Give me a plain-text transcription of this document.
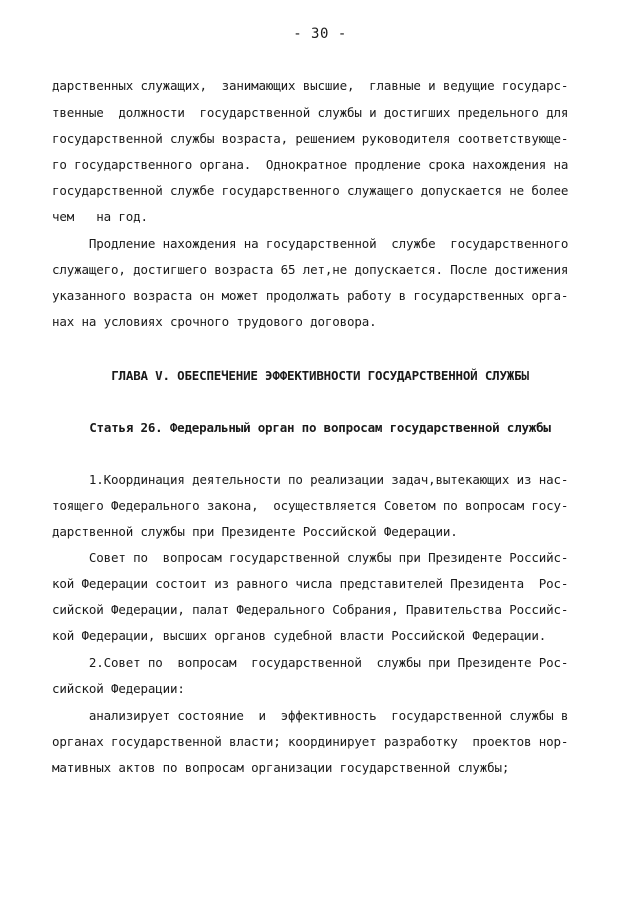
- 30 -
дарственных служащих,  занимающих высшие,  главные и ведущие государс-
твенные  должности  государственной службы и достигших предельного для
государственной службы возраста, решением руководителя соответствующе-
го государственного органа.  Однократное продление срока нахождения на
государственной службе государственного служащего допускается не более
чем   на год.
Продление нахождения на государственной  службе  государственного
служащего, достигшего возраста 65 лет,не допускается. После достижения
указанного возраста он может продолжать работу в государственных орга-
нах на условиях срочного трудового договора.
ГЛАВА V. ОБЕСПЕЧЕНИЕ ЭФФЕКТИВНОСТИ ГОСУДАРСТВЕННОЙ СЛУЖБЫ
Статья 26. Федеральный орган по вопросам государственной службы
1.Координация деятельности по реализации задач,вытекающих из нас-
тоящего Федерального закона,  осуществляется Советом по вопросам госу-
дарственной службы при Президенте Российской Федерации.
Совет по  вопросам государственной службы при Президенте Российс-
кой Федерации состоит из равного числа представителей Президента  Рос-
сийской Федерации, палат Федерального Собрания, Правительства Российс-
кой Федерации, высших органов судебной власти Российской Федерации.
2.Совет по  вопросам  государственной  службы при Президенте Рос-
сийской Федерации:
анализирует состояние  и  эффективность  государственной службы в
органах государственной власти; координирует разработку  проектов нор-
мативных актов по вопросам организации государственной службы;
